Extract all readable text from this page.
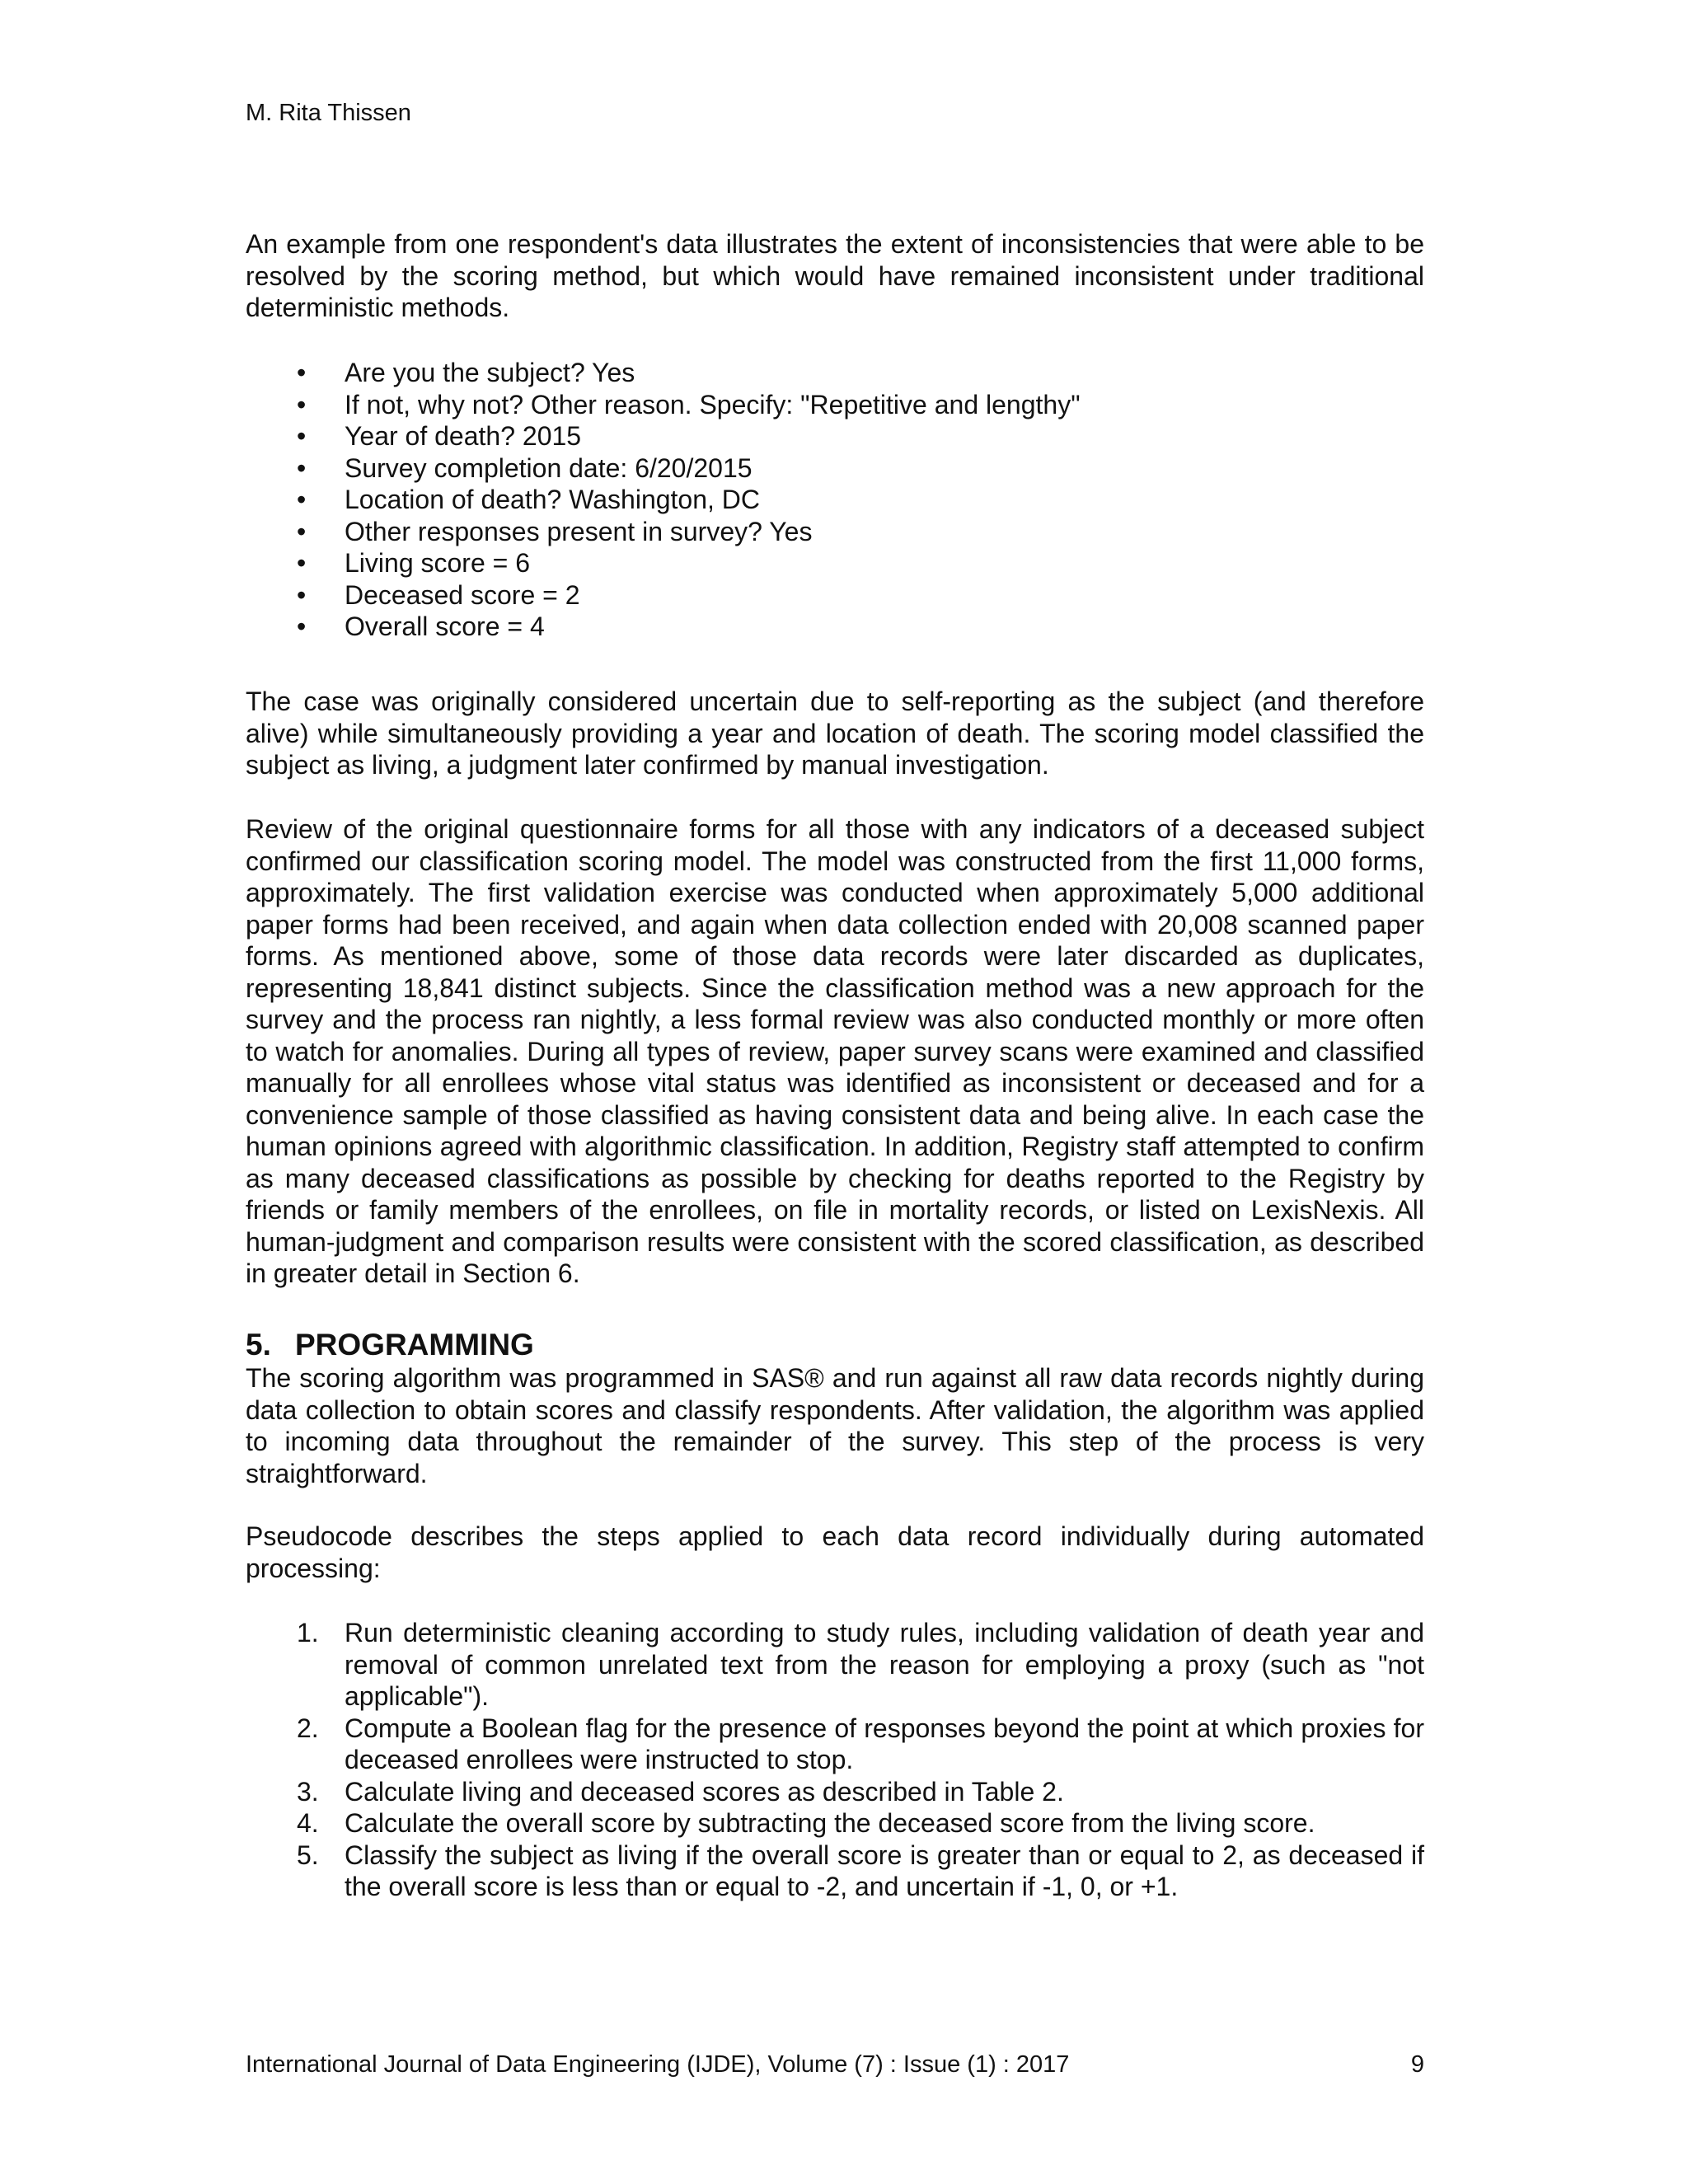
M. Rita Thissen

An example from one respondent's data illustrates the extent of inconsistencies that were able to be resolved by the scoring method, but which would have remained inconsistent under traditional deterministic methods.

• Are you the subject? Yes
• If not, why not? Other reason. Specify: "Repetitive and lengthy"
• Year of death? 2015
• Survey completion date: 6/20/2015
• Location of death? Washington, DC
• Other responses present in survey? Yes
• Living score = 6
• Deceased score = 2
• Overall score = 4

The case was originally considered uncertain due to self-reporting as the subject (and therefore alive) while simultaneously providing a year and location of death. The scoring model classified the subject as living, a judgment later confirmed by manual investigation.

Review of the original questionnaire forms for all those with any indicators of a deceased subject confirmed our classification scoring model. The model was constructed from the first 11,000 forms, approximately. The first validation exercise was conducted when approximately 5,000 additional paper forms had been received, and again when data collection ended with 20,008 scanned paper forms. As mentioned above, some of those data records were later discarded as duplicates, representing 18,841 distinct subjects. Since the classification method was a new approach for the survey and the process ran nightly, a less formal review was also conducted monthly or more often to watch for anomalies. During all types of review, paper survey scans were examined and classified manually for all enrollees whose vital status was identified as inconsistent or deceased and for a convenience sample of those classified as having consistent data and being alive. In each case the human opinions agreed with algorithmic classification. In addition, Registry staff attempted to confirm as many deceased classifications as possible by checking for deaths reported to the Registry by friends or family members of the enrollees, on file in mortality records, or listed on LexisNexis. All human-judgment and comparison results were consistent with the scored classification, as described in greater detail in Section 6.

5. PROGRAMMING

The scoring algorithm was programmed in SAS® and run against all raw data records nightly during data collection to obtain scores and classify respondents. After validation, the algorithm was applied to incoming data throughout the remainder of the survey. This step of the process is very straightforward.

Pseudocode describes the steps applied to each data record individually during automated processing:

1. Run deterministic cleaning according to study rules, including validation of death year and removal of common unrelated text from the reason for employing a proxy (such as "not applicable").
2. Compute a Boolean flag for the presence of responses beyond the point at which proxies for deceased enrollees were instructed to stop.
3. Calculate living and deceased scores as described in Table 2.
4. Calculate the overall score by subtracting the deceased score from the living score.
5. Classify the subject as living if the overall score is greater than or equal to 2, as deceased if the overall score is less than or equal to -2, and uncertain if -1, 0, or +1.
International Journal of Data Engineering (IJDE), Volume (7) : Issue (1) : 2017	9
